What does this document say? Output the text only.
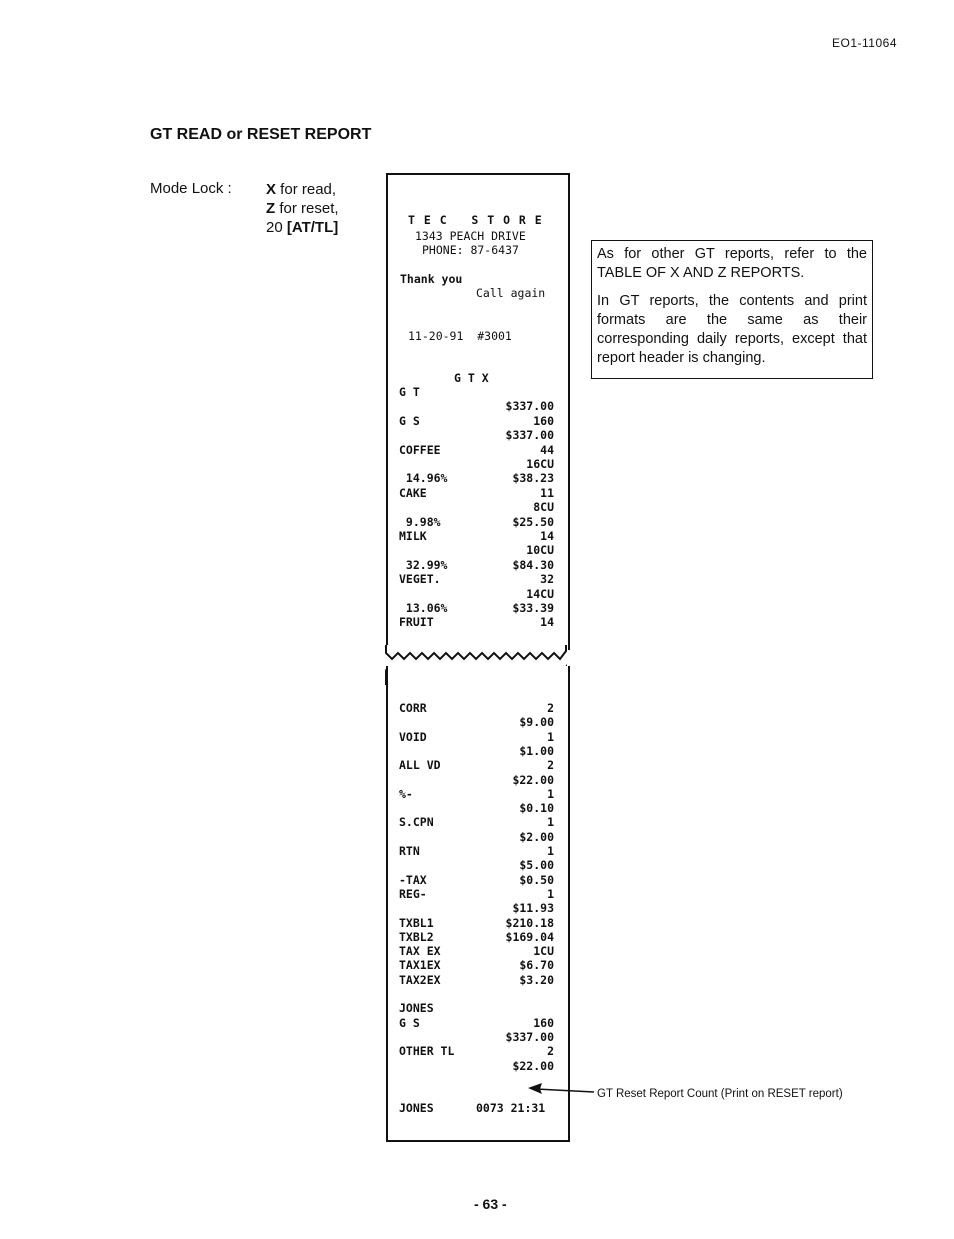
EO1-11064
GT READ or RESET REPORT
Mode Lock : X for read,
Z for reset,
20 [AT/TL]	T E C   S T O R E
1343 PEACH DRIVE
PHONE: 87-6437
Thank you
Call again
11-20-91  #3001
G T X
G T
$337.00
G S	160
$337.00
COFFEE	44
16CU
14.96%	$38.23
CAKE	11
8CU
9.98%	$25.50
MILK	14
10CU
32.99%	$84.30
VEGET.	32
14CU
13.06%	$33.39
FRUIT	14
CORR	2
$9.00
VOID	1
$1.00
ALL VD	2
$22.00
%-	1
$0.10
S.CPN	1
$2.00
RTN	1
$5.00
-TAX	$0.50
REG-	1
$11.93
TXBL1	$210.18
TXBL2	$169.04
TAX EX	1CU
TAX1EX	$6.70
TAX2EX	$3.20
JONES
G S	160
$337.00
OTHER TL	2
$22.00
JONES	0073 21:31

As for other GT reports, refer to the TABLE OF X AND Z REPORTS.

In GT reports, the contents and print formats are the same as their corresponding daily reports, except that report header is changing.

GT Reset Report Count (Print on RESET report)
- 63 -
